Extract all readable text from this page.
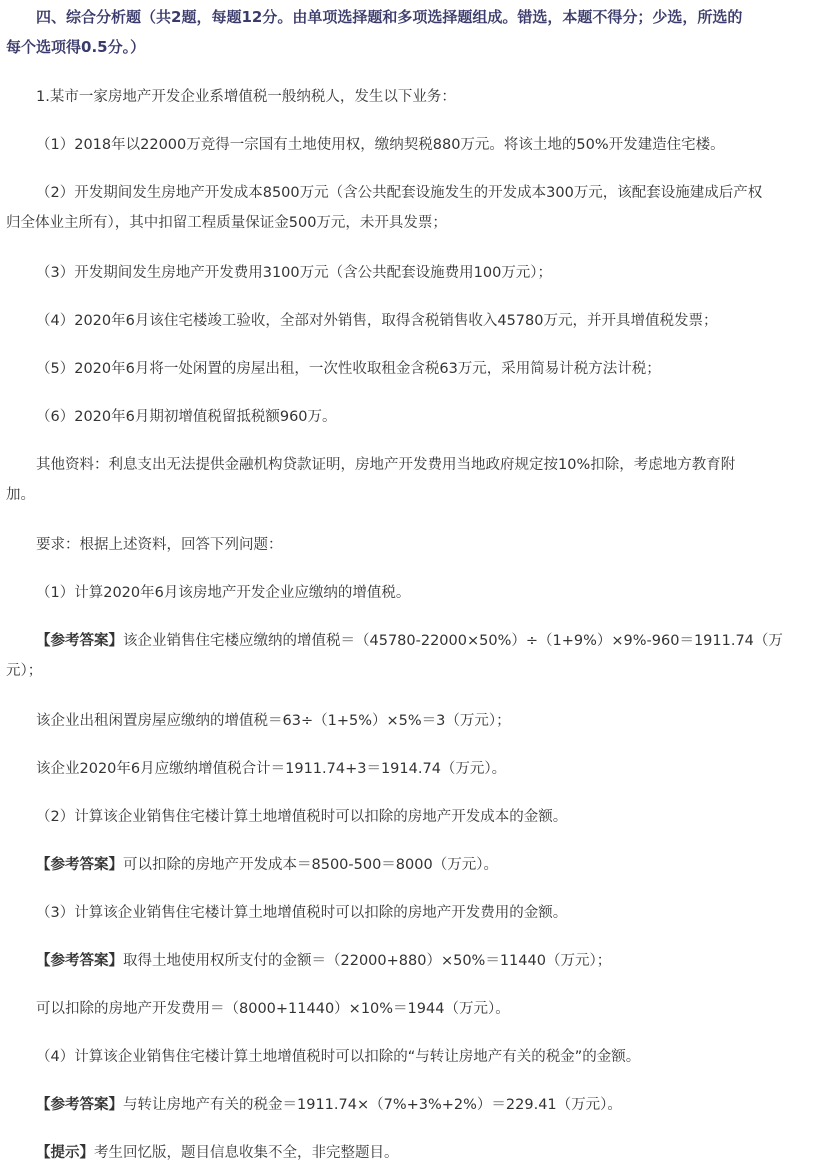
四、综合分析题（共2题，每题12分。由单项选择题和多项选择题组成。错选，本题不得分；少选，所选的
每个选项得0.5分。）
1.某市一家房地产开发企业系增值税一般纳税人，发生以下业务：
（1）2018年以22000万竞得一宗国有土地使用权，缴纳契税880万元。将该土地的50%开发建造住宅楼。
（2）开发期间发生房地产开发成本8500万元（含公共配套设施发生的开发成本300万元，该配套设施建成后产权
归全体业主所有），其中扣留工程质量保证金500万元，未开具发票；
（3）开发期间发生房地产开发费用3100万元（含公共配套设施费用100万元）；
（4）2020年6月该住宅楼竣工验收，全部对外销售，取得含税销售收入45780万元，并开具增值税发票；
（5）2020年6月将一处闲置的房屋出租，一次性收取租金含税63万元，采用简易计税方法计税；
（6）2020年6月期初增值税留抵税额960万。
其他资料：利息支出无法提供金融机构贷款证明，房地产开发费用当地政府规定按10%扣除，考虑地方教育附
加。
要求：根据上述资料，回答下列问题：
（1）计算2020年6月该房地产开发企业应缴纳的增值税。
【参考答案】该企业销售住宅楼应缴纳的增值税＝（45780-22000×50%）÷（1+9%）×9%-960＝1911.74（万
元）；
该企业出租闲置房屋应缴纳的增值税＝63÷（1+5%）×5%＝3（万元）；
该企业2020年6月应缴纳增值税合计＝1911.74+3＝1914.74（万元）。
（2）计算该企业销售住宅楼计算土地增值税时可以扣除的房地产开发成本的金额。
【参考答案】可以扣除的房地产开发成本＝8500-500＝8000（万元）。
（3）计算该企业销售住宅楼计算土地增值税时可以扣除的房地产开发费用的金额。
【参考答案】取得土地使用权所支付的金额＝（22000+880）×50%＝11440（万元）；
可以扣除的房地产开发费用＝（8000+11440）×10%＝1944（万元）。
（4）计算该企业销售住宅楼计算土地增值税时可以扣除的“与转让房地产有关的税金”的金额。
【参考答案】与转让房地产有关的税金＝1911.74×（7%+3%+2%）＝229.41（万元）。
【提示】考生回忆版，题目信息收集不全，非完整题目。
